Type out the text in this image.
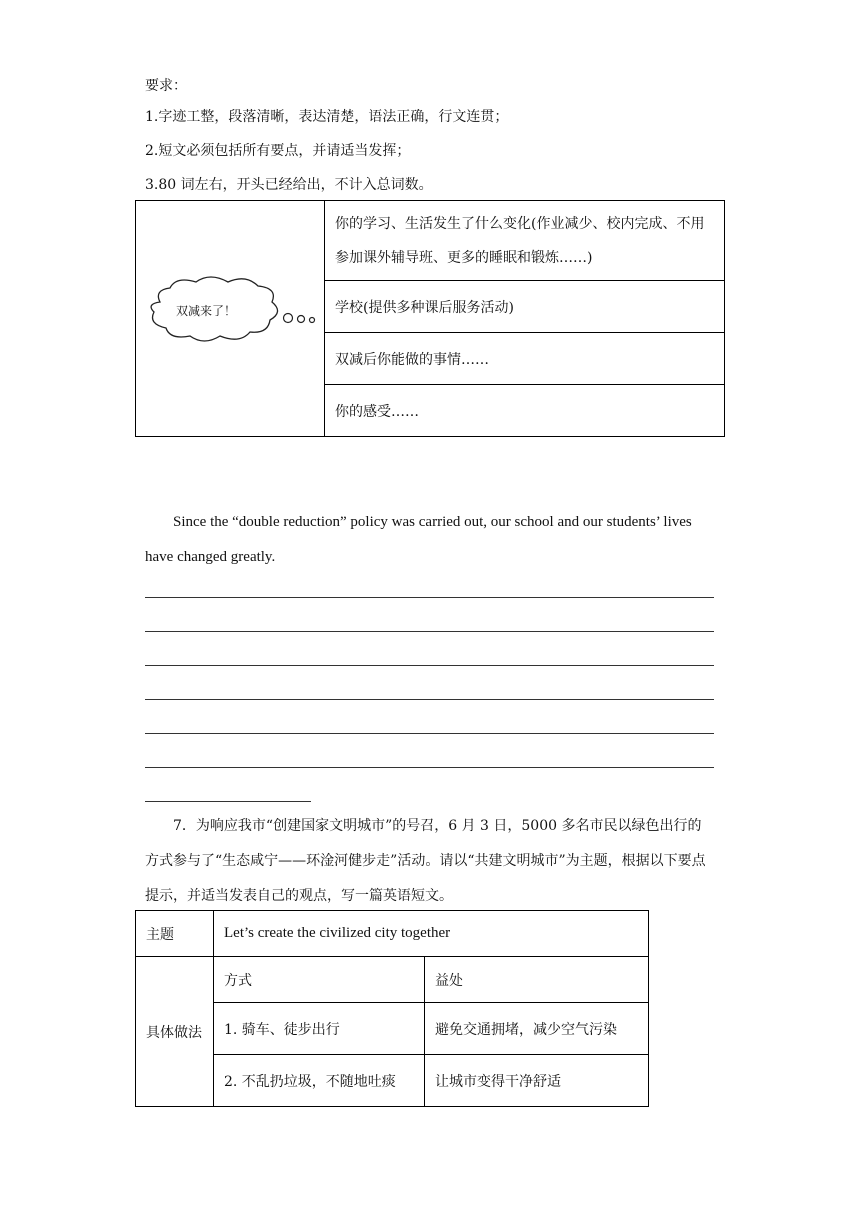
要求：
1.字迹工整，段落清晰，表达清楚，语法正确，行文连贯；
2.短文必须包括所有要点，并请适当发挥；
3.80 词左右，开头已经给出，不计入总词数。
双减来了！
	你的学习、生活发生了什么变化(作业减少、校内完成、不用参加课外辅导班、更多的睡眠和锻炼……)
学校(提供多种课后服务活动)
双减后你能做的事情……
你的感受……
Since the “double reduction” policy was carried out, our school and our students’ lives have changed greatly.
7．为响应我市“创建国家文明城市”的号召，6 月 3 日，5000 多名市民以绿色出行的方式参与了“生态咸宁——环淦河健步走”活动。请以“共建文明城市”为主题，根据以下要点提示，并适当发表自己的观点，写一篇英语短文。
主题	Let’s create the civilized city together	
具体做法	方式	益处
	1. 骑车、徒步出行	避免交通拥堵，减少空气污染
	2. 不乱扔垃圾，不随地吐痰	让城市变得干净舒适
